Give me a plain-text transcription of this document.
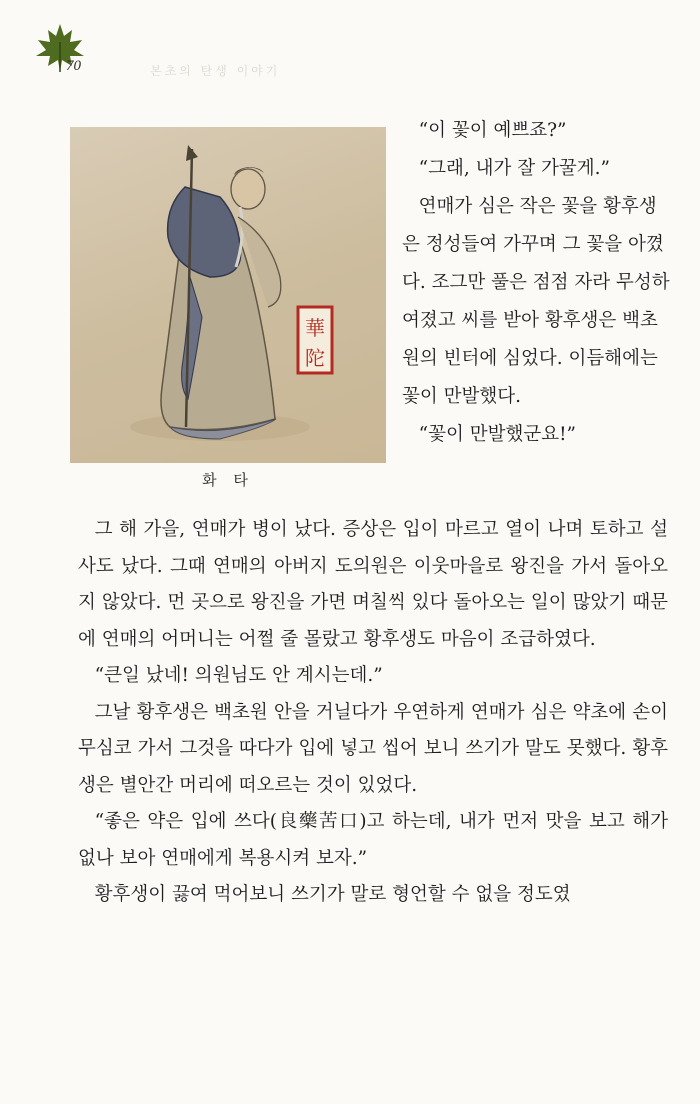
70	본초의 탄생 이야기
華
陀
화 타

“이 꽃이 예쁘죠?”

“그래, 내가 잘 가꿀게.”

연매가 심은 작은 꽃을 황후생은 정성들여 가꾸며 그 꽃을 아꼈다. 조그만 풀은 점점 자라 무성하여졌고 씨를 받아 황후생은 백초원의 빈터에 심었다. 이듬해에는 꽃이 만발했다.

“꽃이 만발했군요!”

그 해 가을, 연매가 병이 났다. 증상은 입이 마르고 열이 나며 토하고 설사도 났다. 그때 연매의 아버지 도의원은 이웃마을로 왕진을 가서 돌아오지 않았다. 먼 곳으로 왕진을 가면 며칠씩 있다 돌아오는 일이 많았기 때문에 연매의 어머니는 어쩔 줄 몰랐고 황후생도 마음이 조급하였다.

“큰일 났네! 의원님도 안 계시는데.”

그날 황후생은 백초원 안을 거닐다가 우연하게 연매가 심은 약초에 손이 무심코 가서 그것을 따다가 입에 넣고 씹어 보니 쓰기가 말도 못했다. 황후생은 별안간 머리에 떠오르는 것이 있었다.

“좋은 약은 입에 쓰다(良藥苦口)고 하는데, 내가 먼저 맛을 보고 해가 없나 보아 연매에게 복용시켜 보자.”

황후생이 끓여 먹어보니 쓰기가 말로 형언할 수 없을 정도였
